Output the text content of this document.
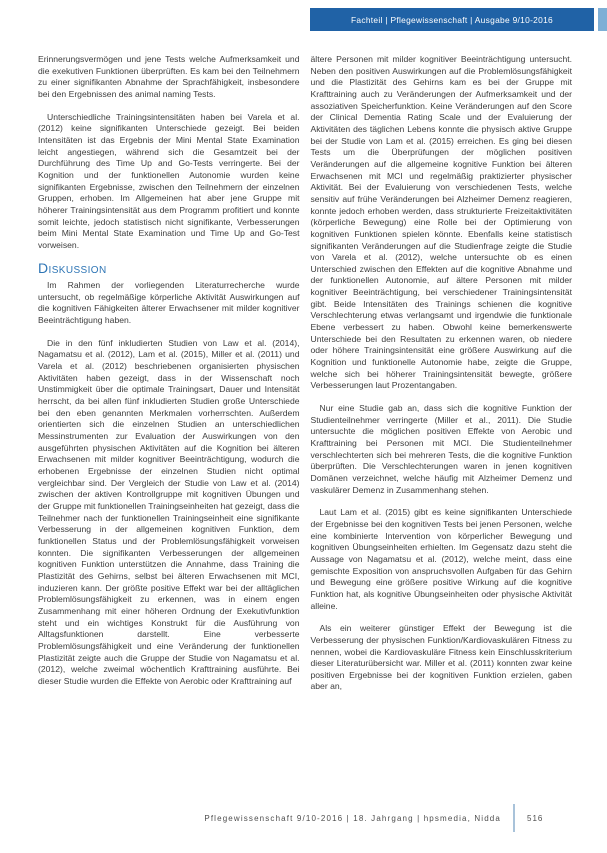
Fachteil | Pflegewissenschaft | Ausgabe 9/10-2016

Erinnerungsvermögen und jene Tests welche Aufmerksamkeit und die exekutiven Funktionen überprüften. Es kam bei den Teilnehmern zu einer signifikanten Abnahme der Sprachfähigkeit, insbesondere bei den Ergebnissen des animal naming Tests.

Unterschiedliche Trainingsintensitäten haben bei Varela et al. (2012) keine signifikanten Unterschiede gezeigt. Bei beiden Intensitäten ist das Ergebnis der Mini Mental State Examination leicht angestiegen, während sich die Gesamtzeit bei der Durchführung des Time Up and Go-Tests verringerte. Bei der Kognition und der funktionellen Autonomie wurden keine signifikanten Ergebnisse, zwischen den Teilnehmern der einzelnen Gruppen, erhoben. Im Allgemeinen hat aber jene Gruppe mit höherer Trainingsintensität aus dem Programm profitiert und konnte somit leichte, jedoch statistisch nicht signifikante, Verbesserungen beim Mini Mental State Examination und Time Up and Go-Test vorweisen.

Diskussion

Im Rahmen der vorliegenden Literaturrecherche wurde untersucht, ob regelmäßige körperliche Aktivität Auswirkungen auf die kognitiven Fähigkeiten älterer Erwachsener mit milder kognitiver Beeinträchtigung haben.

Die in den fünf inkludierten Studien von Law et al. (2014), Nagamatsu et al. (2012), Lam et al. (2015), Miller et al. (2011) und Varela et al. (2012) beschriebenen organisierten physischen Aktivitäten haben gezeigt, dass in der Wissenschaft noch Unstimmigkeit über die optimale Trainingsart, Dauer und Intensität herrscht, da bei allen fünf inkludierten Studien große Unterschiede bei den eben genannten Merkmalen vorherrschten. Außerdem orientierten sich die einzelnen Studien an unterschiedlichen Messinstrumenten zur Evaluation der Auswirkungen von den ausgeführten physischen Aktivitäten auf die Kognition bei älteren Erwachsenen mit milder kognitiver Beeinträchtigung, wodurch die erhobenen Ergebnisse der einzelnen Studien nicht optimal vergleichbar sind. Der Vergleich der Studie von Law et al. (2014) zwischen der aktiven Kontrollgruppe mit kognitiven Übungen und der Gruppe mit funktionellen Trainingseinheiten hat gezeigt, dass die Teilnehmer nach der funktionellen Trainingseinheit eine signifikante Verbesserung in der allgemeinen kognitiven Funktion, dem funktionellen Status und der Problemlösungsfähigkeit vorweisen konnten. Die signifikanten Verbesserungen der allgemeinen kognitiven Funktion unterstützen die Annahme, dass Training die Plastizität des Gehirns, selbst bei älteren Erwachsenen mit MCI, induzieren kann. Der größte positive Effekt war bei der alltäglichen Problemlösungsfähigkeit zu erkennen, was in einem engen Zusammenhang mit einer höheren Ordnung der Exekutivfunktion steht und ein wichtiges Konstrukt für die Ausführung von Alltagsfunktionen darstellt. Eine verbesserte Problemlösungsfähigkeit und eine Veränderung der funktionellen Plastizität zeigte auch die Gruppe der Studie von Nagamatsu et al. (2012), welche zweimal wöchentlich Krafttraining ausführte. Bei dieser Studie wurden die Effekte von Aerobic oder Krafttraining auf

ältere Personen mit milder kognitiver Beeinträchtigung untersucht. Neben den positiven Auswirkungen auf die Problemlösungsfähigkeit und die Plastizität des Gehirns kam es bei der Gruppe mit Krafttraining auch zu Veränderungen der Aufmerksamkeit und der assoziativen Speicherfunktion. Keine Veränderungen auf den Score der Clinical Dementia Rating Scale und der Evaluierung der Aktivitäten des täglichen Lebens konnte die physisch aktive Gruppe bei der Studie von Lam et al. (2015) erreichen. Es ging bei diesen Tests um die Überprüfungen der möglichen positiven Veränderungen auf die allgemeine kognitive Funktion bei älteren Erwachsenen mit MCI und regelmäßig praktizierter physischer Aktivität. Bei der Evaluierung von verschiedenen Tests, welche sensitiv auf frühe Veränderungen bei Alzheimer Demenz reagieren, konnte jedoch erhoben werden, dass strukturierte Freizeitaktivitäten (körperliche Bewegung) eine Rolle bei der Optimierung von kognitiven Funktionen spielen könnte. Ebenfalls keine statistisch signifikanten Veränderungen auf die Studienfrage zeigte die Studie von Varela et al. (2012), welche untersuchte ob es einen Unterschied zwischen den Effekten auf die kognitive Abnahme und der funktionellen Autonomie, auf ältere Personen mit milder kognitiver Beeinträchtigung, bei verschiedener Trainingsintensität gibt. Beide Intensitäten des Trainings schienen die kognitive Verschlechterung etwas verlangsamt und irgendwie die funktionale Ebene verbessert zu haben. Obwohl keine bemerkenswerte Unterschiede bei den Resultaten zu erkennen waren, ob niedere oder höhere Trainingsintensität eine größere Auswirkung auf die Kognition und funktionelle Autonomie habe, zeigte die Gruppe, welche sich bei höherer Trainingsintensität bewegte, größere Verbesserungen laut Prozentangaben.

Nur eine Studie gab an, dass sich die kognitive Funktion der Studienteilnehmer verringerte (Miller et al., 2011). Die Studie untersuchte die möglichen positiven Effekte von Aerobic und Krafttraining bei Personen mit MCI. Die Studienteilnehmer verschlechterten sich bei mehreren Tests, die die kognitive Funktion überprüften. Die Verschlechterungen waren in jenen kognitiven Domänen verzeichnet, welche häufig mit Alzheimer Demenz und vaskulärer Demenz in Zusammenhang stehen.

Laut Lam et al. (2015) gibt es keine signifikanten Unterschiede der Ergebnisse bei den kognitiven Tests bei jenen Personen, welche eine kombinierte Intervention von körperlicher Bewegung und kognitiven Übungseinheiten erhielten. Im Gegensatz dazu steht die Aussage von Nagamatsu et al. (2012), welche meint, dass eine gemischte Exposition von anspruchsvollen Aufgaben für das Gehirn und Bewegung eine größere positive Wirkung auf die kognitive Funktion hat, als kognitive Übungseinheiten oder physische Aktivität alleine.

Als ein weiterer günstiger Effekt der Bewegung ist die Verbesserung der physischen Funktion/Kardiovaskulären Fitness zu nennen, wobei die Kardiovaskuläre Fitness kein Einschlusskriterium dieser Literaturübersicht war. Miller et al. (2011) konnten zwar keine positiven Ergebnisse bei der kognitiven Funktion erzielen, gaben aber an,

Pflegewissenschaft 9/10-2016 | 18. Jahrgang | hpsmedia, Nidda	516
